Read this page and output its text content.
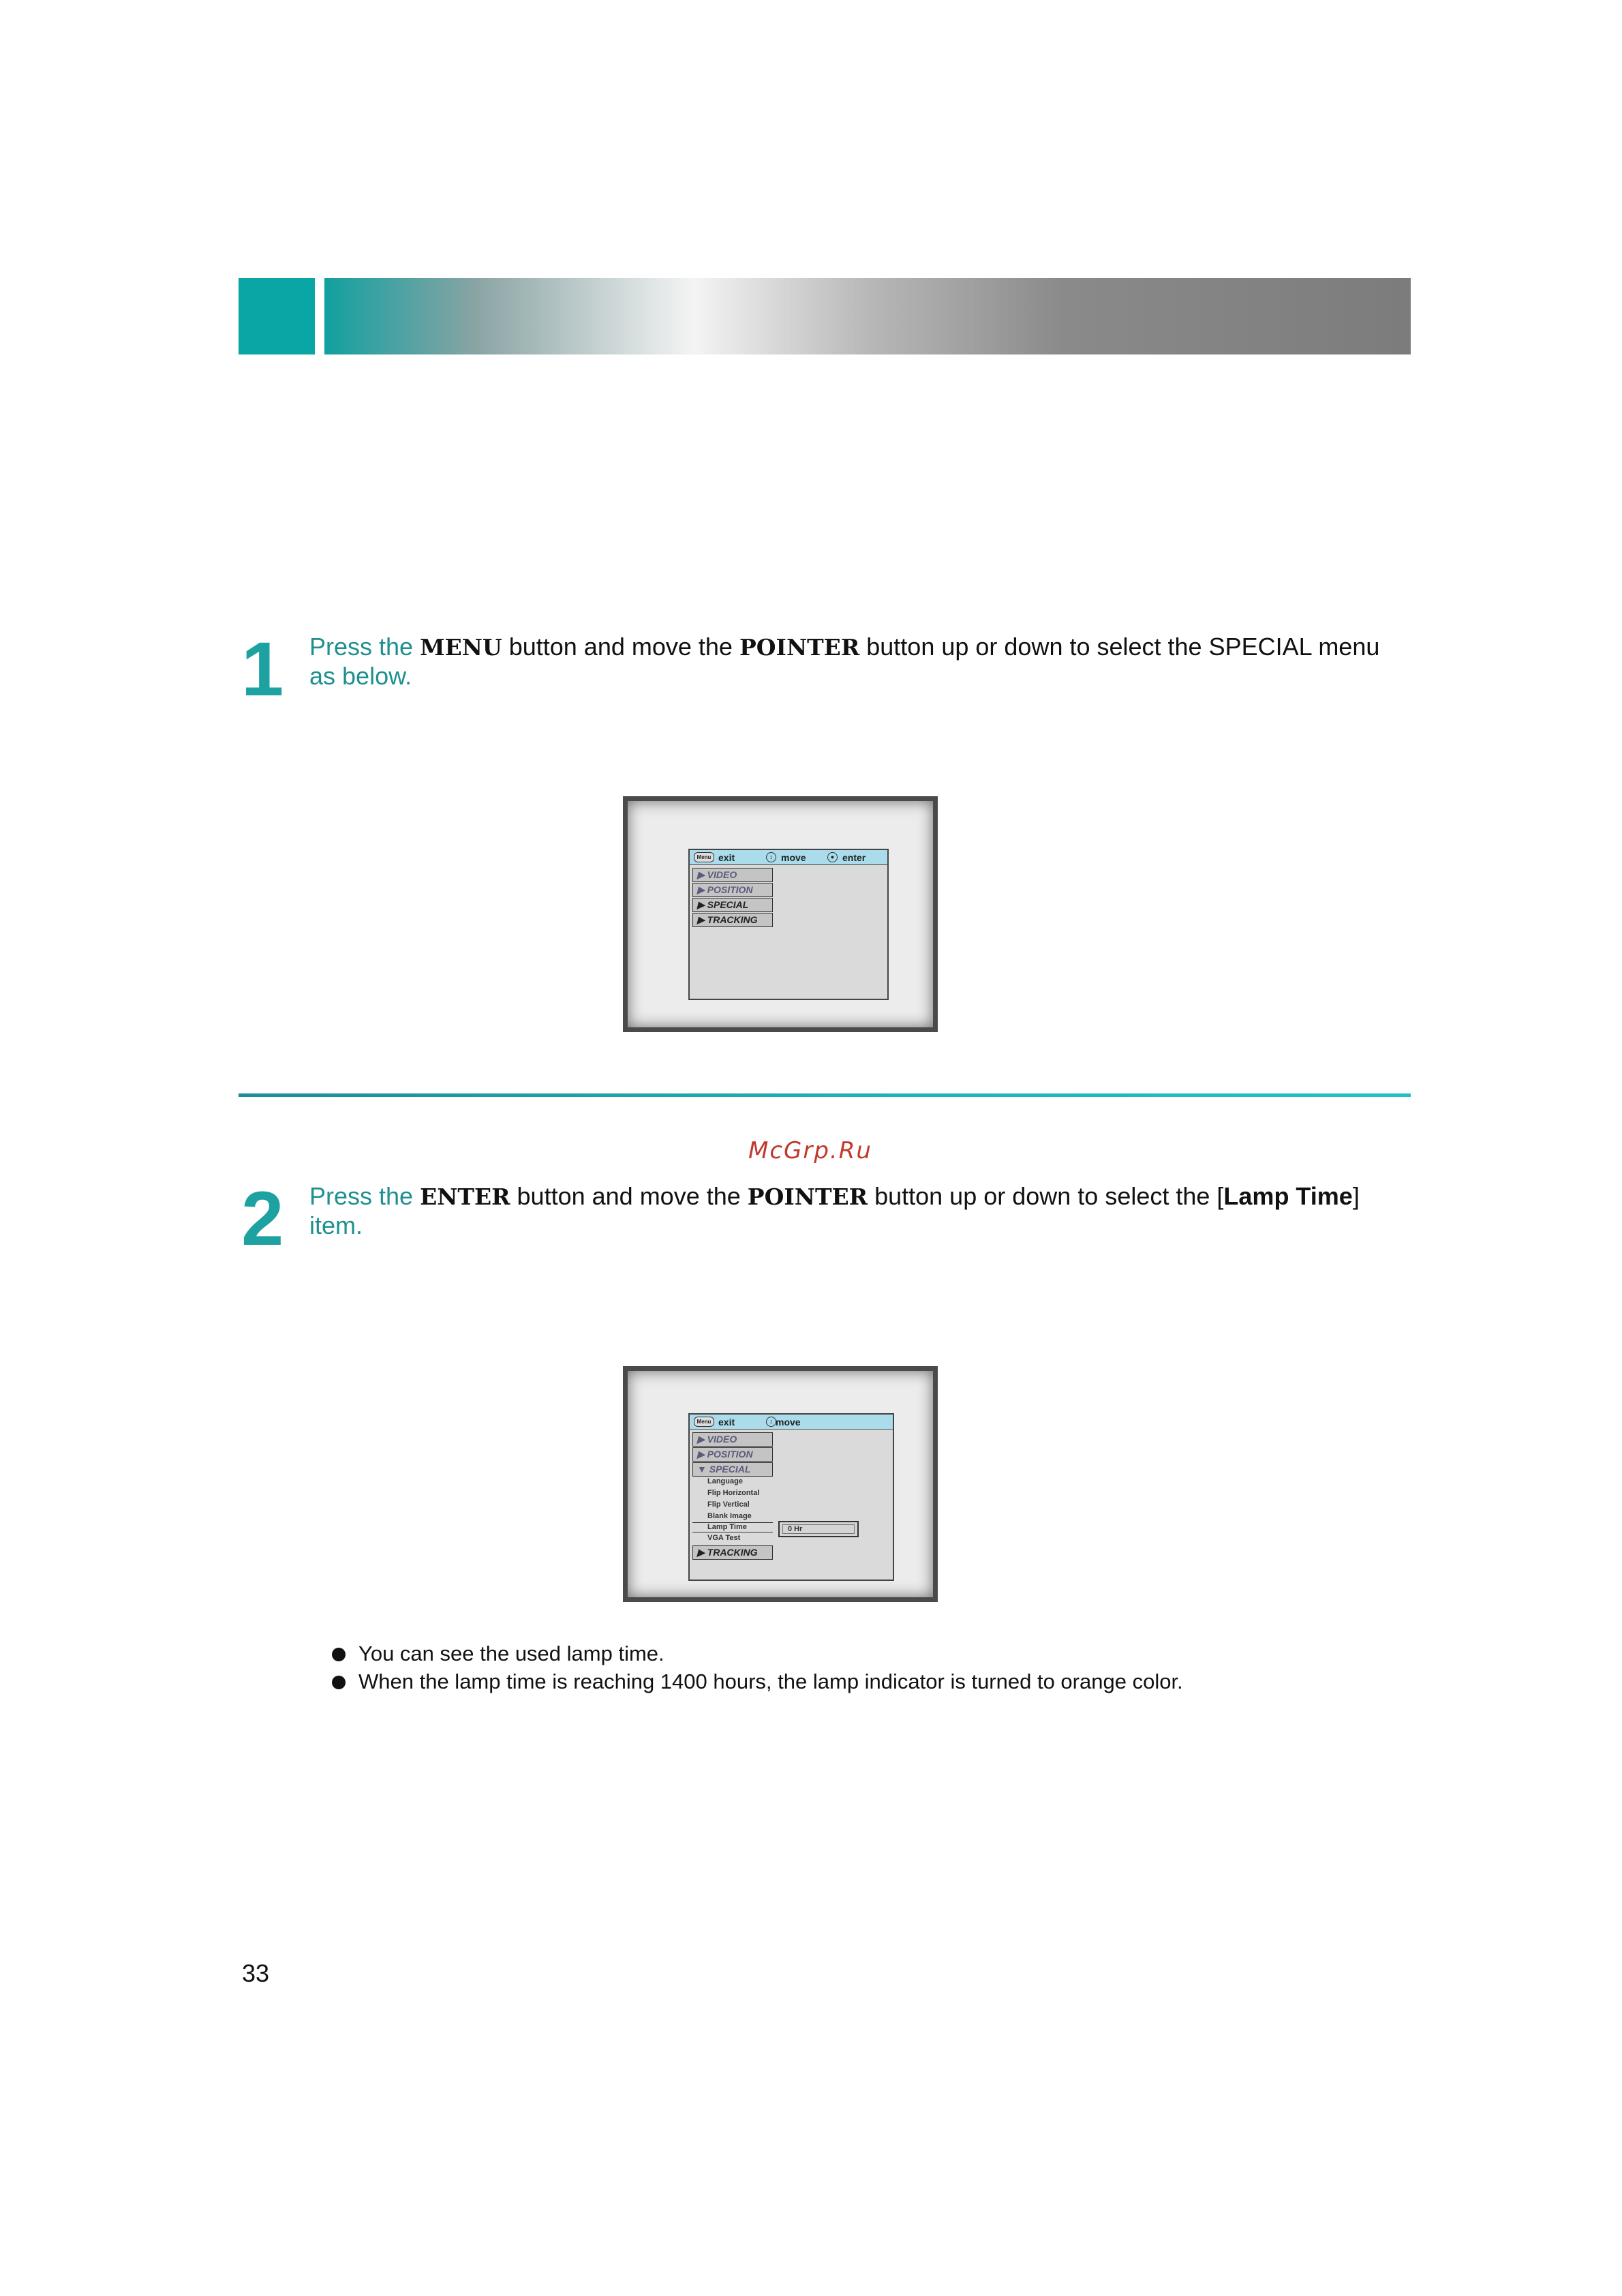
1 Press the MENU button and move the POINTER button up or down to select the SPECIAL menu
as below.
Menu exit	↕ move	● enter
▶ VIDEO
▶ POSITION
▶ SPECIAL
▶ TRACKING
McGrp.Ru
2 Press the ENTER button and move the POINTER button up or down to select the [Lamp Time]
item.
Menu exit	↕ move
▶ VIDEO
▶ POSITION
▼ SPECIAL
Language
Flip Horizontal
Flip Vertical
Blank Image
Lamp Time
VGA Test
▶ TRACKING
0 Hr
You can see the used lamp time.
When the lamp time is reaching 1400 hours, the lamp indicator is turned to orange color.
33
